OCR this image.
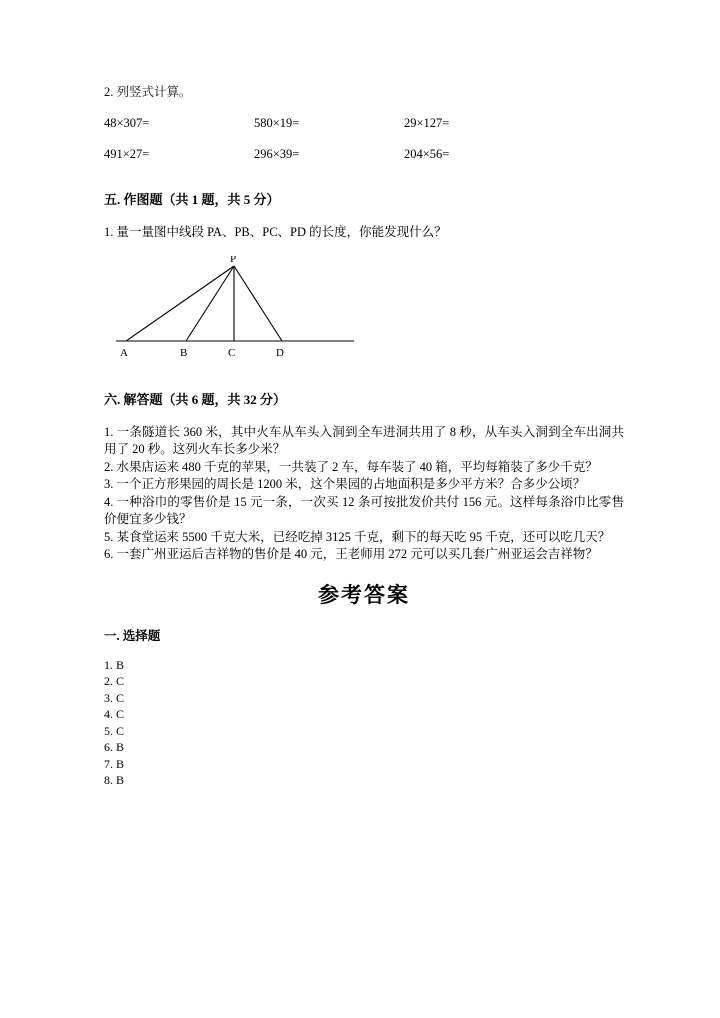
2. 列竖式计算。
48×307=	580×19=	29×127=
491×27=	296×39=	204×56=
五. 作图题（共 1 题，共 5 分）
1. 量一量图中线段 PA、PB、PC、PD 的长度，你能发现什么？
P
A	B	C	D
六. 解答题（共 6 题，共 32 分）
1. 一条隧道长 360 米，其中火车从车头入洞到全车进洞共用了 8 秒，从车头入洞到全车出洞共用了 20 秒。这列火车长多少米？
2. 水果店运来 480 千克的苹果，一共装了 2 车，每车装了 40 箱，平均每箱装了多少千克？
3. 一个正方形果园的周长是 1200 米，这个果园的占地面积是多少平方米？合多少公顷？
4. 一种浴巾的零售价是 15 元一条，一次买 12 条可按批发价共付 156 元。这样每条浴巾比零售价便宜多少钱？
5. 某食堂运来 5500 千克大米，已经吃掉 3125 千克，剩下的每天吃 95 千克，还可以吃几天？
6. 一套广州亚运后吉祥物的售价是 40 元，王老师用 272 元可以买几套广州亚运会吉祥物？
参考答案
一. 选择题
1. B
2. C
3. C
4. C
5. C
6. B
7. B
8. B
